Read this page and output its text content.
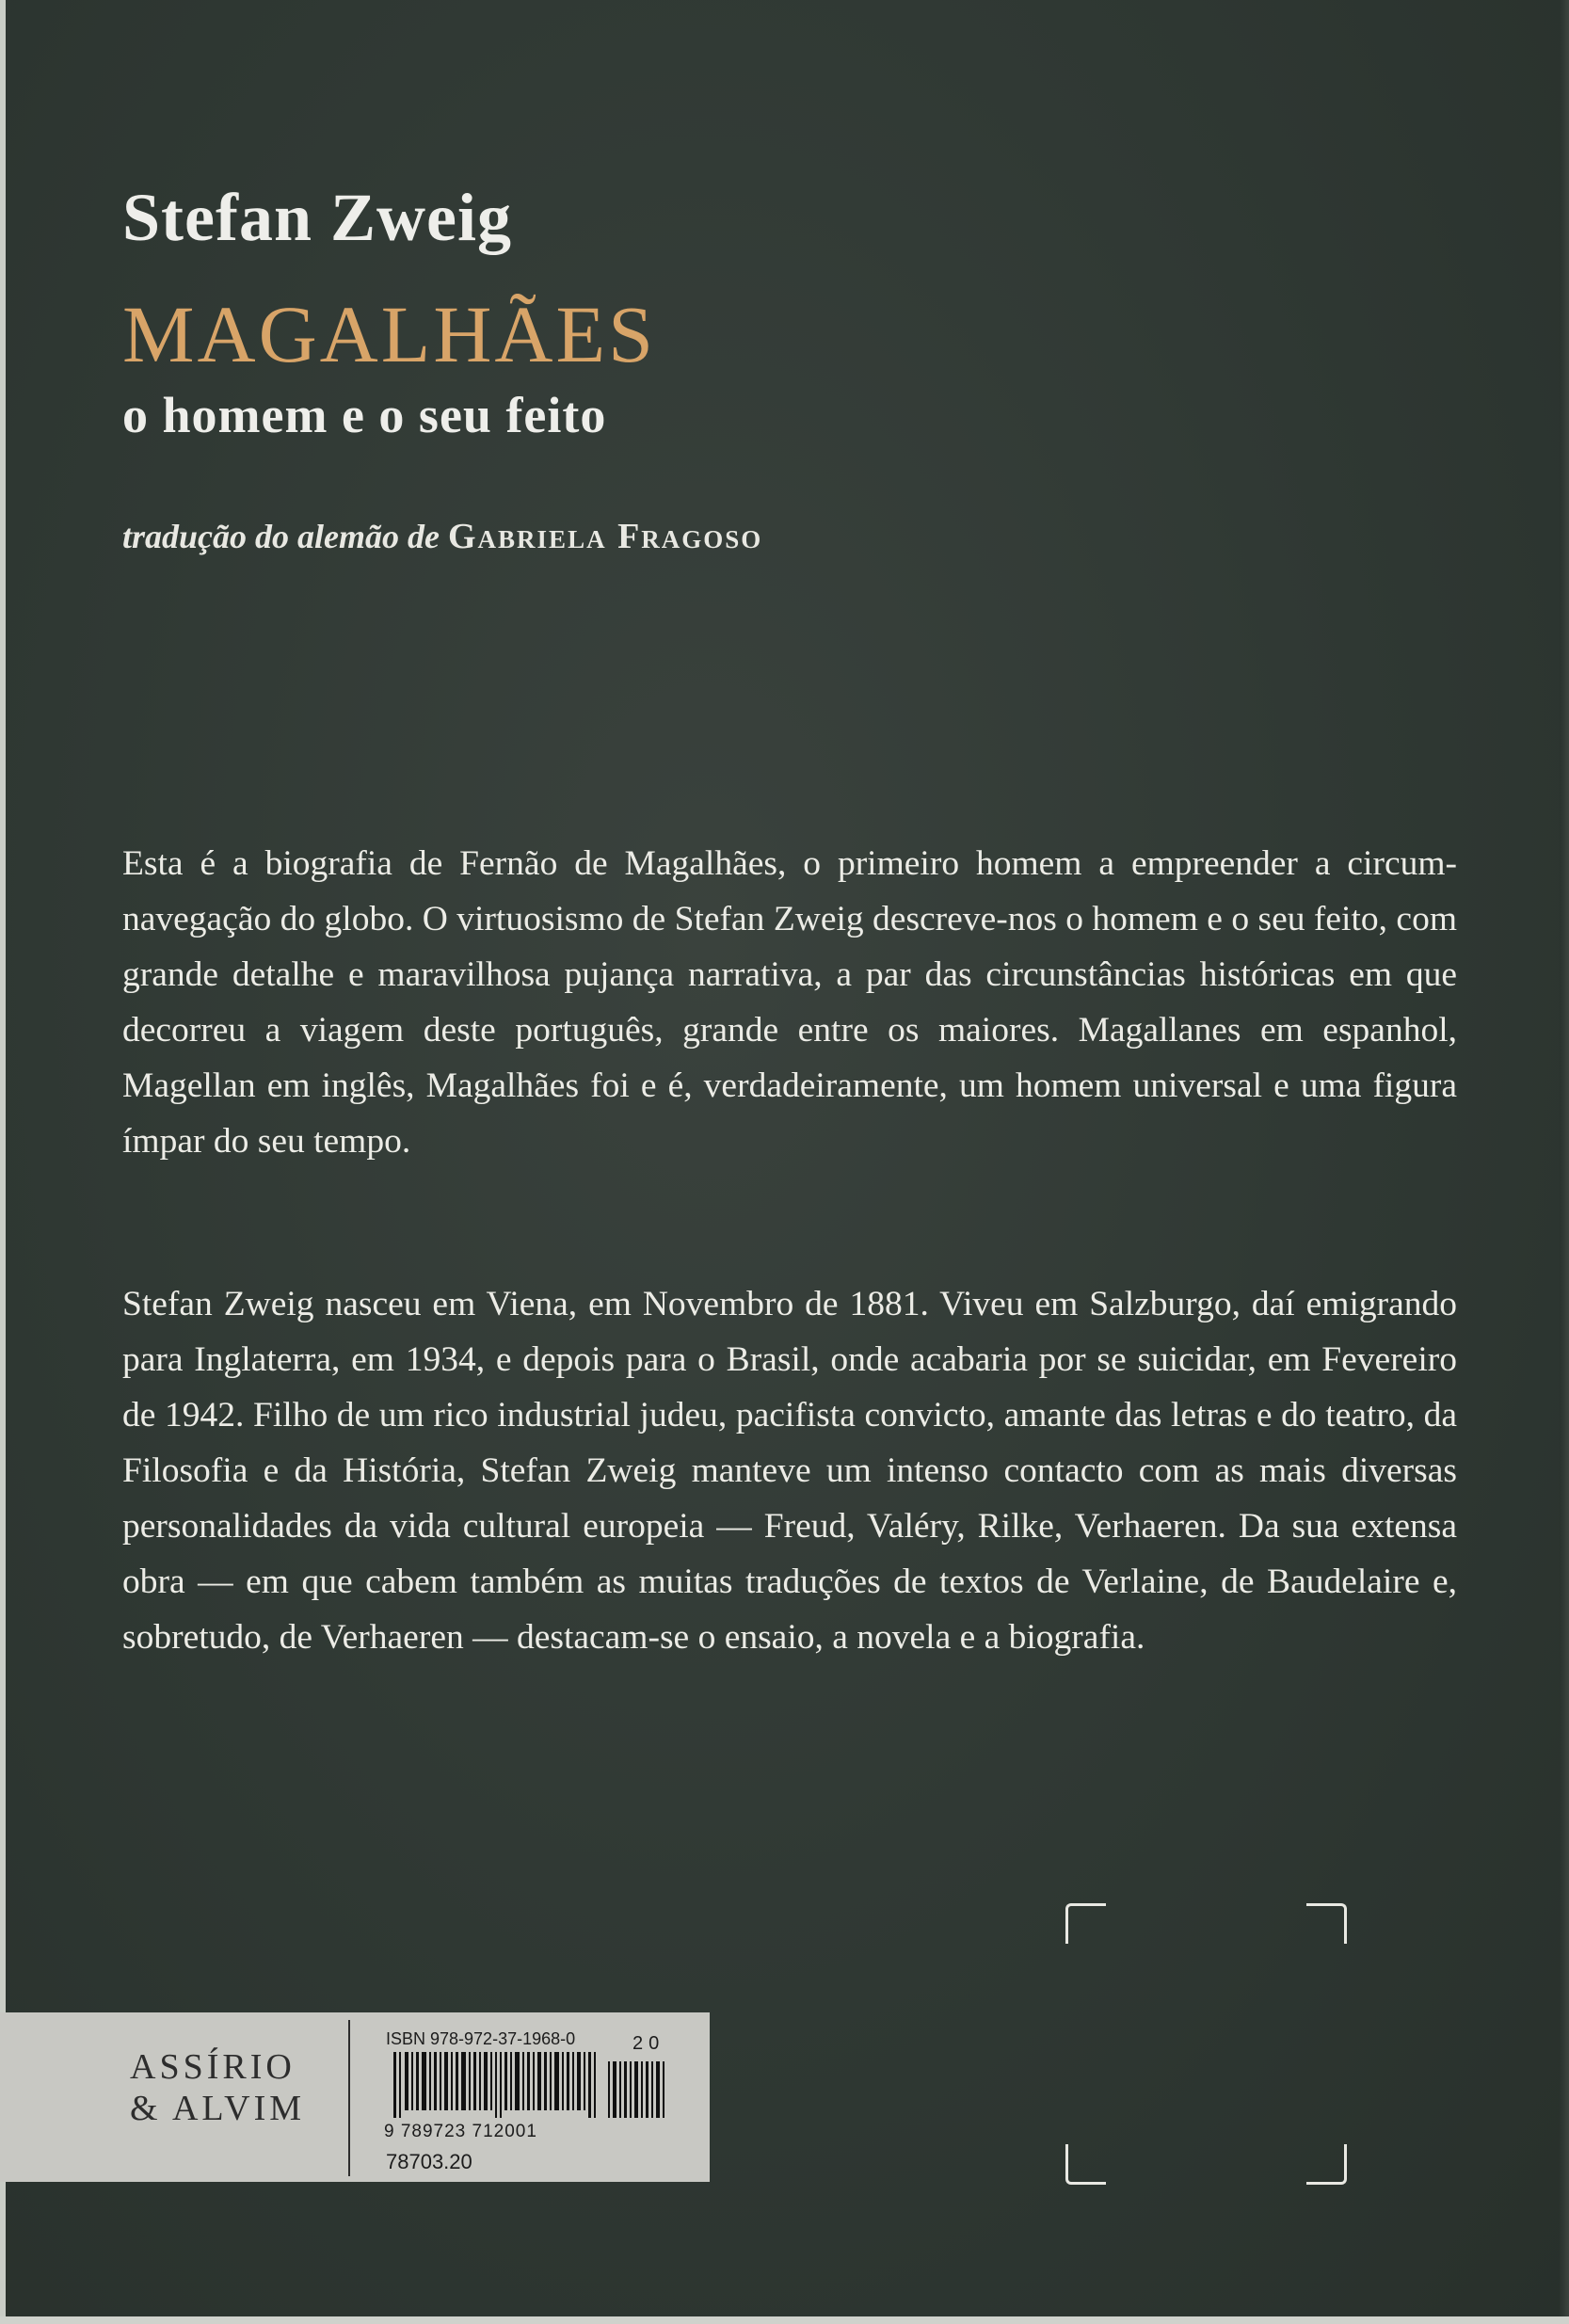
Stefan Zweig
MAGALHÃES
o homem e o seu feito

tradução do alemão de Gabriela Fragoso

Esta é a biografia de Fernão de Magalhães, o primeiro homem a empreender a circum-navegação do globo. O virtuosismo de Stefan Zweig descreve-nos o homem e o seu feito, com grande detalhe e maravilhosa pujança narrativa, a par das circunstâncias históricas em que decorreu a viagem deste português, grande entre os maiores. Magallanes em espanhol, Magellan em inglês, Magalhães foi e é, verdadeiramente, um homem universal e uma figura ímpar do seu tempo.

Stefan Zweig nasceu em Viena, em Novembro de 1881. Viveu em Salzburgo, daí emigrando para Inglaterra, em 1934, e depois para o Brasil, onde acabaria por se suicidar, em Fevereiro de 1942. Filho de um rico industrial judeu, pacifista convicto, amante das letras e do teatro, da Filosofia e da História, Stefan Zweig manteve um intenso contacto com as mais diversas personalidades da vida cultural europeia — Freud, Valéry, Rilke, Verhaeren. Da sua extensa obra — em que cabem também as muitas traduções de textos de Verlaine, de Baudelaire e, sobretudo, de Verhaeren — destacam-se o ensaio, a novela e a biografia.

ASSÍRIO
& ALVIM

ISBN 978-972-37-1968-0	20

9 789723 712001

78703.20
